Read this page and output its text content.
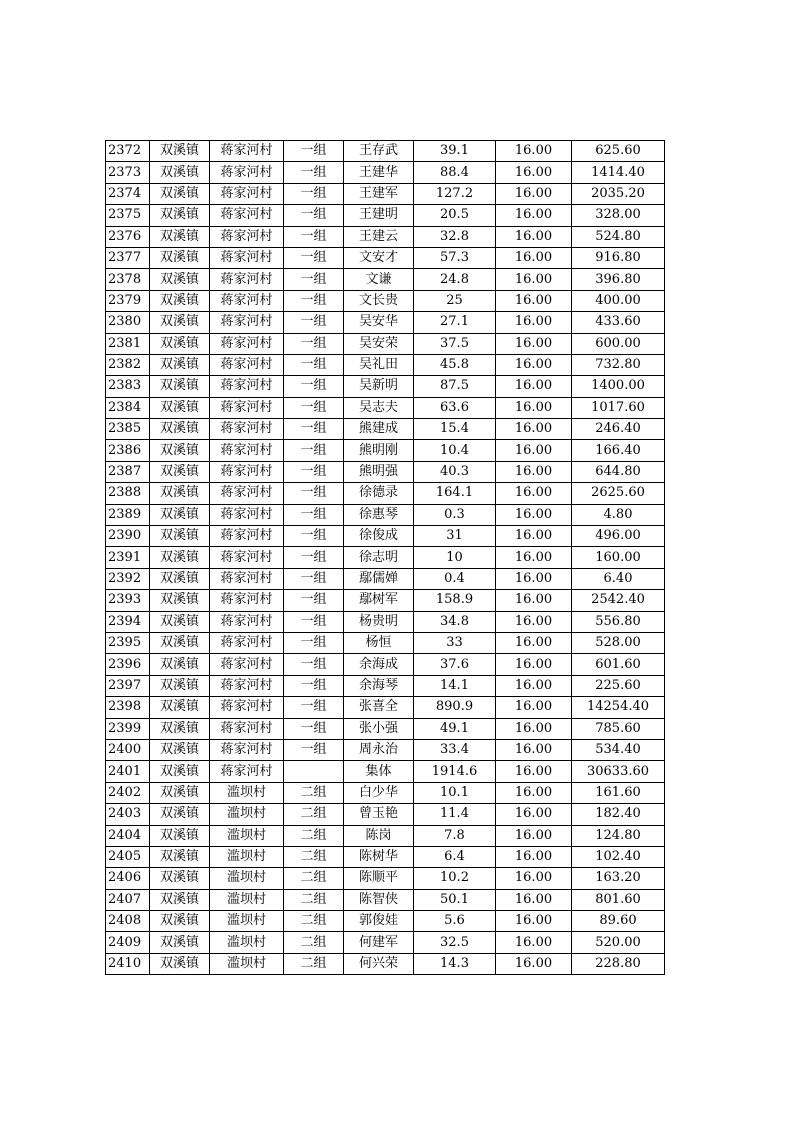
2372	双溪镇	蒋家河村	一组	王存武	39.1	16.00	625.60
2373	双溪镇	蒋家河村	一组	王建华	88.4	16.00	1414.40
2374	双溪镇	蒋家河村	一组	王建军	127.2	16.00	2035.20
2375	双溪镇	蒋家河村	一组	王建明	20.5	16.00	328.00
2376	双溪镇	蒋家河村	一组	王建云	32.8	16.00	524.80
2377	双溪镇	蒋家河村	一组	文安才	57.3	16.00	916.80
2378	双溪镇	蒋家河村	一组	文谦	24.8	16.00	396.80
2379	双溪镇	蒋家河村	一组	文长贵	25	16.00	400.00
2380	双溪镇	蒋家河村	一组	吴安华	27.1	16.00	433.60
2381	双溪镇	蒋家河村	一组	吴安荣	37.5	16.00	600.00
2382	双溪镇	蒋家河村	一组	吴礼田	45.8	16.00	732.80
2383	双溪镇	蒋家河村	一组	吴新明	87.5	16.00	1400.00
2384	双溪镇	蒋家河村	一组	吴志夫	63.6	16.00	1017.60
2385	双溪镇	蒋家河村	一组	熊建成	15.4	16.00	246.40
2386	双溪镇	蒋家河村	一组	熊明刚	10.4	16.00	166.40
2387	双溪镇	蒋家河村	一组	熊明强	40.3	16.00	644.80
2388	双溪镇	蒋家河村	一组	徐德录	164.1	16.00	2625.60
2389	双溪镇	蒋家河村	一组	徐惠琴	0.3	16.00	4.80
2390	双溪镇	蒋家河村	一组	徐俊成	31	16.00	496.00
2391	双溪镇	蒋家河村	一组	徐志明	10	16.00	160.00
2392	双溪镇	蒋家河村	一组	鄢儒婵	0.4	16.00	6.40
2393	双溪镇	蒋家河村	一组	鄢树军	158.9	16.00	2542.40
2394	双溪镇	蒋家河村	一组	杨贵明	34.8	16.00	556.80
2395	双溪镇	蒋家河村	一组	杨恒	33	16.00	528.00
2396	双溪镇	蒋家河村	一组	余海成	37.6	16.00	601.60
2397	双溪镇	蒋家河村	一组	余海琴	14.1	16.00	225.60
2398	双溪镇	蒋家河村	一组	张喜全	890.9	16.00	14254.40
2399	双溪镇	蒋家河村	一组	张小强	49.1	16.00	785.60
2400	双溪镇	蒋家河村	一组	周永治	33.4	16.00	534.40
2401	双溪镇	蒋家河村		集体	1914.6	16.00	30633.60
2402	双溪镇	滥坝村	二组	白少华	10.1	16.00	161.60
2403	双溪镇	滥坝村	二组	曾玉艳	11.4	16.00	182.40
2404	双溪镇	滥坝村	二组	陈岗	7.8	16.00	124.80
2405	双溪镇	滥坝村	二组	陈树华	6.4	16.00	102.40
2406	双溪镇	滥坝村	二组	陈顺平	10.2	16.00	163.20
2407	双溪镇	滥坝村	二组	陈智侠	50.1	16.00	801.60
2408	双溪镇	滥坝村	二组	郭俊娃	5.6	16.00	89.60
2409	双溪镇	滥坝村	二组	何建军	32.5	16.00	520.00
2410	双溪镇	滥坝村	二组	何兴荣	14.3	16.00	228.80
